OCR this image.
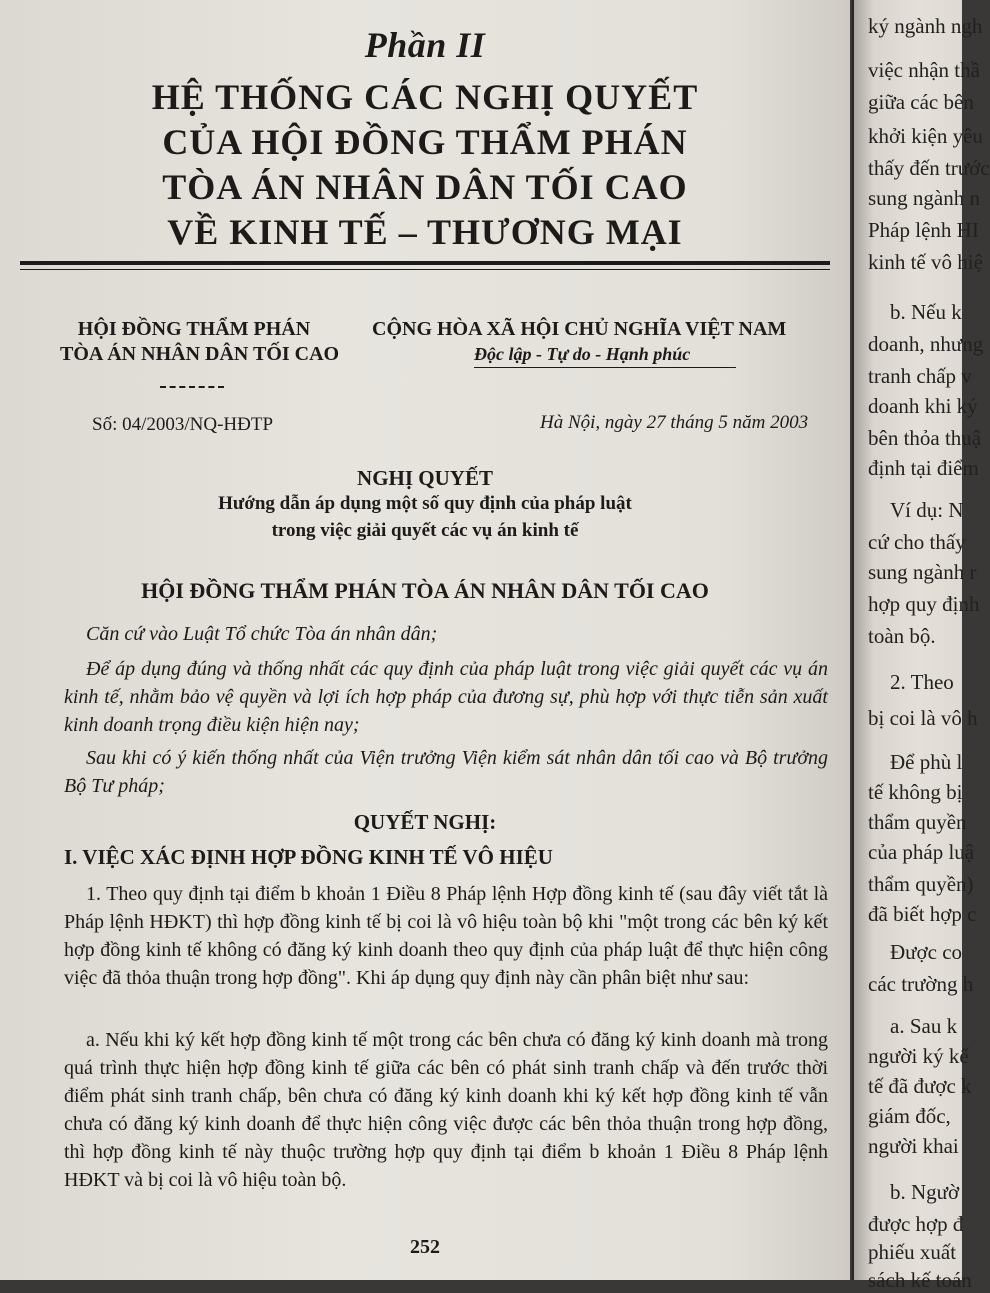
Phần II
HỆ THỐNG CÁC NGHỊ QUYẾT
CỦA HỘI ĐỒNG THẨM PHÁN
TÒA ÁN NHÂN DÂN TỐI CAO
VỀ KINH TẾ – THƯƠNG MẠI
HỘI ĐỒNG THẨM PHÁN
TÒA ÁN NHÂN DÂN TỐI CAO
Số: 04/2003/NQ-HĐTP
CỘNG HÒA XÃ HỘI CHỦ NGHĨA VIỆT NAM
Độc lập - Tự do - Hạnh phúc
Hà Nội, ngày 27 tháng 5 năm 2003
NGHỊ QUYẾT
Hướng dẫn áp dụng một số quy định của pháp luật
trong việc giải quyết các vụ án kinh tế
HỘI ĐỒNG THẨM PHÁN TÒA ÁN NHÂN DÂN TỐI CAO
Căn cứ vào Luật Tổ chức Tòa án nhân dân;
Để áp dụng đúng và thống nhất các quy định của pháp luật trong việc giải quyết các vụ án kinh tế, nhằm bảo vệ quyền và lợi ích hợp pháp của đương sự, phù hợp với thực tiễn sản xuất kinh doanh trọng điều kiện hiện nay;
Sau khi có ý kiến thống nhất của Viện trưởng Viện kiểm sát nhân dân tối cao và Bộ trưởng Bộ Tư pháp;
QUYẾT NGHỊ:
I. VIỆC XÁC ĐỊNH HỢP ĐỒNG KINH TẾ VÔ HIỆU
1. Theo quy định tại điểm b khoản 1 Điều 8 Pháp lệnh Hợp đồng kinh tế (sau đây viết tắt là Pháp lệnh HĐKT) thì hợp đồng kinh tế bị coi là vô hiệu toàn bộ khi "một trong các bên ký kết hợp đồng kinh tế không có đăng ký kinh doanh theo quy định của pháp luật để thực hiện công việc đã thỏa thuận trong hợp đồng". Khi áp dụng quy định này cần phân biệt như sau:
a. Nếu khi ký kết hợp đồng kinh tế một trong các bên chưa có đăng ký kinh doanh mà trong quá trình thực hiện hợp đồng kinh tế giữa các bên có phát sinh tranh chấp và đến trước thời điểm phát sinh tranh chấp, bên chưa có đăng ký kinh doanh khi ký kết hợp đồng kinh tế vẫn chưa có đăng ký kinh doanh để thực hiện công việc được các bên thỏa thuận trong hợp đồng, thì hợp đồng kinh tế này thuộc trường hợp quy định tại điểm b khoản 1 Điều 8 Pháp lệnh HĐKT và bị coi là vô hiệu toàn bộ.
252
ký ngành ngh
việc nhận thầ
giữa các bên
khởi kiện yêu
thấy đến trước
sung ngành n
Pháp lệnh HI
kinh tế vô hiệ
b. Nếu k
doanh, nhưng
tranh chấp v
doanh khi ký
bên thỏa thuậ
định tại điểm
Ví dụ: N
cứ cho thấy
sung ngành r
hợp quy định
toàn bộ.
2. Theo
bị coi là vô h
Để phù l
tế không bị
thẩm quyền
của pháp luậ
thẩm quyền)
đã biết hợp c
Được co
các trường h
a. Sau k
người ký kế
tế đã được k
giám đốc,
người khai
b. Ngườ
được hợp đ
phiếu xuất
sách kế toán
